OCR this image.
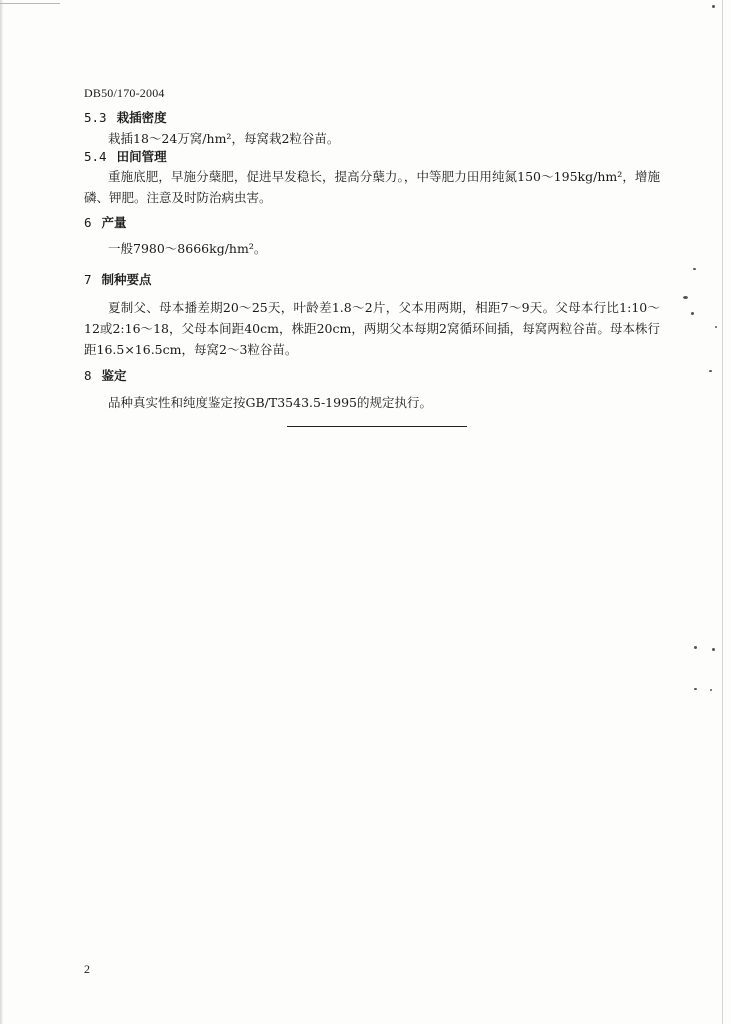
DB50/170-2004
5.3 栽插密度
栽插18～24万窝/hm²，每窝栽2粒谷苗。
5.4 田间管理
重施底肥，早施分蘖肥，促进早发稳长，提高分蘖力。，中等肥力田用纯氮150～195kg/hm²，增施磷、钾肥。注意及时防治病虫害。
6 产量
一般7980～8666kg/hm²。
7 制种要点
夏制父、母本播差期20～25天，叶龄差1.8～2片，父本用两期，相距7～9天。父母本行比1:10～12或2:16～18，父母本间距40cm，株距20cm，两期父本每期2窝循环间插，每窝两粒谷苗。母本株行距16.5×16.5cm，每窝2～3粒谷苗。
8 鉴定
品种真实性和纯度鉴定按GB/T3543.5-1995的规定执行。
2
